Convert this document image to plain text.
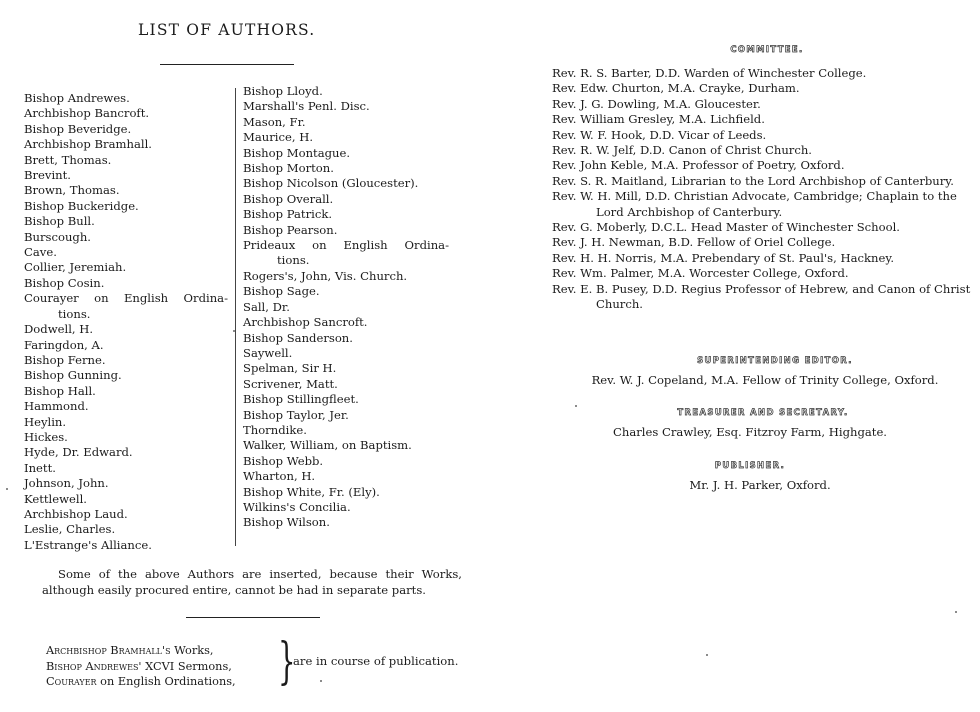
LIST OF AUTHORS.
Bishop Andrewes.
Archbishop Bancroft.
Bishop Beveridge.
Archbishop Bramhall.
Brett, Thomas.
Brevint.
Brown, Thomas.
Bishop Buckeridge.
Bishop Bull.
Burscough.
Cave.
Collier, Jeremiah.
Bishop Cosin.
Courayer on English Ordina-
tions.
Dodwell, H.
Faringdon, A.
Bishop Ferne.
Bishop Gunning.
Bishop Hall.
Hammond.
Heylin.
Hickes.
Hyde, Dr. Edward.
Inett.
Johnson, John.
Kettlewell.
Archbishop Laud.
Leslie, Charles.
L'Estrange's Alliance.
Bishop Lloyd.
Marshall's Penl. Disc.
Mason, Fr.
Maurice, H.
Bishop Montague.
Bishop Morton.
Bishop Nicolson (Gloucester).
Bishop Overall.
Bishop Patrick.
Bishop Pearson.
Prideaux on English Ordina-
tions.
Rogers's, John, Vis. Church.
Bishop Sage.
Sall, Dr.
Archbishop Sancroft.
Bishop Sanderson.
Saywell.
Spelman, Sir H.
Scrivener, Matt.
Bishop Stillingfleet.
Bishop Taylor, Jer.
Thorndike.
Walker, William, on Baptism.
Bishop Webb.
Wharton, H.
Bishop White, Fr. (Ely).
Wilkins's Concilia.
Bishop Wilson.
Some of the above Authors are inserted, because their Works, although easily procured entire, cannot be had in separate parts.
Archbishop Bramhall's Works,
Bishop Andrewes' XCVI Sermons,
Courayer on English Ordinations, }
are in course of publication.
COMMITTEE.
Rev. R. S. Barter, D.D. Warden of Winchester College.
Rev. Edw. Churton, M.A. Crayke, Durham.
Rev. J. G. Dowling, M.A. Gloucester.
Rev. William Gresley, M.A. Lichfield.
Rev. W. F. Hook, D.D. Vicar of Leeds.
Rev. R. W. Jelf, D.D. Canon of Christ Church.
Rev. John Keble, M.A. Professor of Poetry, Oxford.
Rev. S. R. Maitland, Librarian to the Lord Archbishop of Canterbury.
Rev. W. H. Mill, D.D. Christian Advocate, Cambridge; Chaplain to the Lord Archbishop of Canterbury.
Rev. G. Moberly, D.C.L. Head Master of Winchester School.
Rev. J. H. Newman, B.D. Fellow of Oriel College.
Rev. H. H. Norris, M.A. Prebendary of St. Paul's, Hackney.
Rev. Wm. Palmer, M.A. Worcester College, Oxford.
Rev. E. B. Pusey, D.D. Regius Professor of Hebrew, and Canon of Christ Church.
SUPERINTENDING EDITOR.
Rev. W. J. Copeland, M.A. Fellow of Trinity College, Oxford.
TREASURER AND SECRETARY.
Charles Crawley, Esq. Fitzroy Farm, Highgate.
PUBLISHER.
Mr. J. H. Parker, Oxford.
